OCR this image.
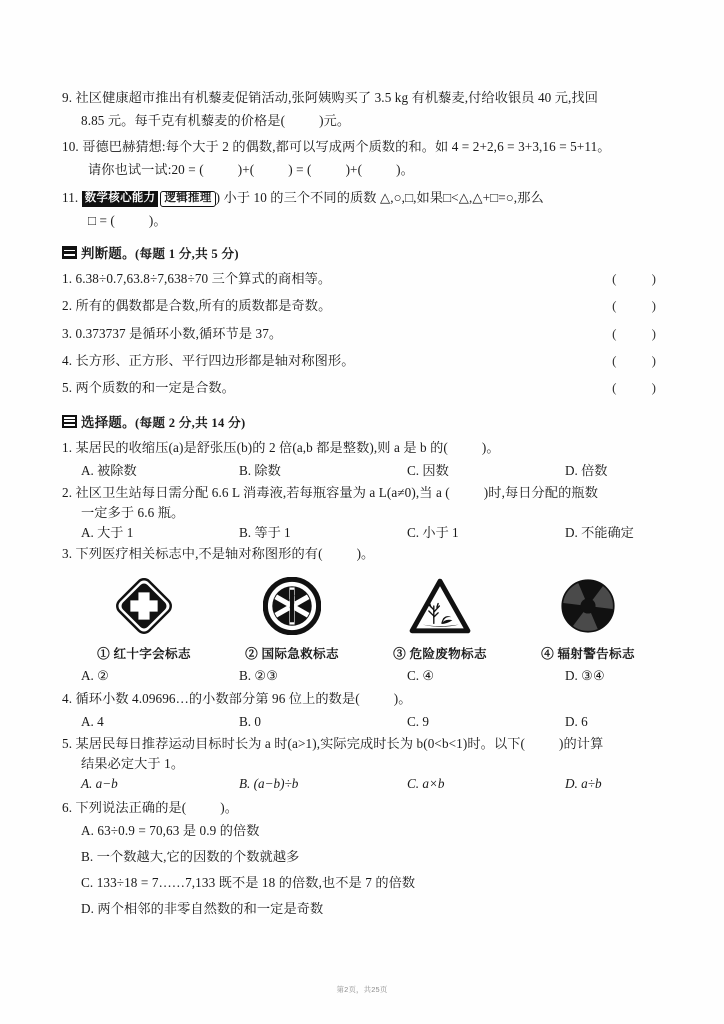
9. 社区健康超市推出有机藜麦促销活动,张阿姨购买了 3.5 kg 有机藜麦,付给收银员 40 元,找回
8.85 元。每千克有机藜麦的价格是(	)元。
10. 哥德巴赫猜想:每个大于 2 的偶数,都可以写成两个质数的和。如 4 = 2+2,6 = 3+3,16 = 5+11。
请你也试一试:20 = (	)+(	) = (	)+(	)。
11. 数学核心能力 逻辑推理 ) 小于 10 的三个不同的质数 △,○,□,如果□<△,△+□=○,那么
□ = (	)。
判断题 。(每题 1 分,共 5 分)
1. 6.38÷0.7,63.8÷7,638÷70 三个算式的商相等。	( )
2. 所有的偶数都是合数,所有的质数都是奇数。	( )
3. 0.373737 是循环小数,循环节是 37。	( )
4. 长方形、正方形、平行四边形都是轴对称图形。	( )
5. 两个质数的和一定是合数。	( )
选择题 。(每题 2 分,共 14 分)
1. 某居民的收缩压(a)是舒张压(b)的 2 倍(a,b 都是整数),则 a 是 b 的(	)。
A. 被除数	B. 除数	C. 因数	D. 倍数
2. 社区卫生站每日需分配 6.6 L 消毒液,若每瓶容量为 a L(a≠0),当 a (	)时,每日分配的瓶数
一定多于 6.6 瓶。
A. 大于 1	B. 等于 1	C. 小于 1	D. 不能确定
3. 下列医疗相关标志中,不是轴对称图形的有(	)。
① 红十字会标志	② 国际急救标志	③ 危险废物标志	④ 辐射警告标志
A. ②	B. ②③	C. ④	D. ③④
4. 循环小数 4.09696…的小数部分第 96 位上的数是(	)。
A. 4	B. 0	C. 9	D. 6
5. 某居民每日推荐运动目标时长为 a 时(a>1),实际完成时长为 b(0<b<1)时。以下(	)的计算
结果必定大于 1。
A. a−b	B. (a−b)÷b	C. a×b	D. a÷b
6. 下列说法正确的是(	)。
A. 63÷0.9 = 70,63 是 0.9 的倍数
B. 一个数越大,它的因数的个数就越多
C. 133÷18 = 7……7,133 既不是 18 的倍数,也不是 7 的倍数
D. 两个相邻的非零自然数的和一定是奇数
第2页，共25页
